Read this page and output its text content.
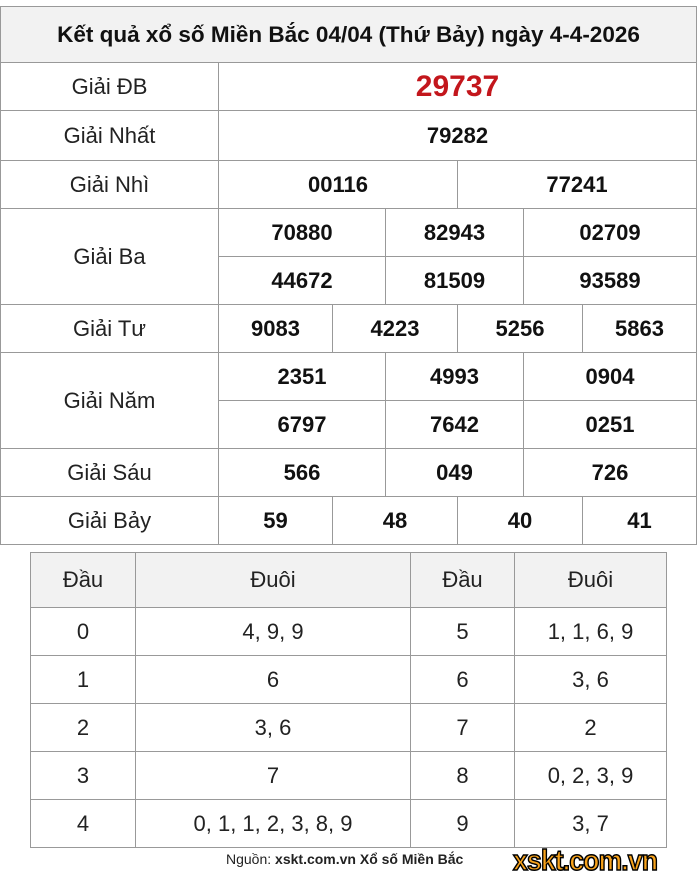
Kết quả xổ số Miền Bắc 04/04 (Thứ Bảy) ngày 4-4-2026
Giải ĐB	29737
Giải Nhất	79282
Giải Nhì	00116	77241
Giải Ba
70880	82943	02709
44672	81509	93589
Giải Tư	9083	4223	5256	5863
Giải Năm
2351	4993	0904
6797	7642	0251
Giải Sáu	566	049	726
Giải Bảy	59	48	40	41
Đầu	Đuôi	Đầu	Đuôi
0	4, 9, 9	5	1, 1, 6, 9
1	6	6	3, 6
2	3, 6	7	2
3	7	8	0, 2, 3, 9
4	0, 1, 1, 2, 3, 8, 9	9	3, 7
Nguồn: xskt.com.vn Xổ số Miền Bắc xskt.com.vn
